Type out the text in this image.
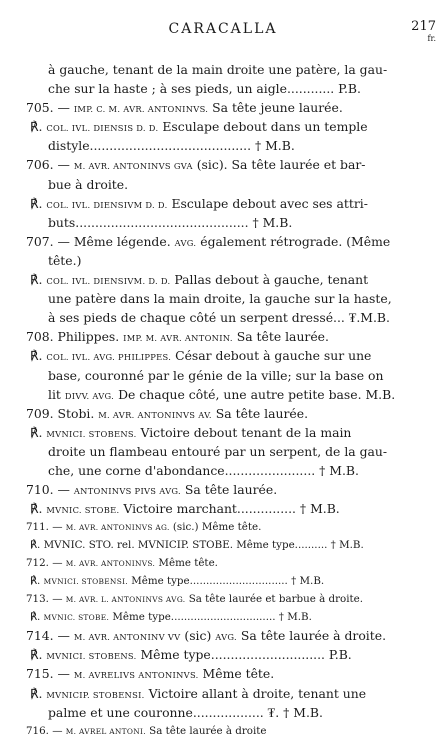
CARACALLA	217
fr.
à gauche, tenant de la main droite une patère, la gau-
che sur la haste ; à ses pieds, un aigle............ P.B.
705. — IMP. C. M. AVR. ANTONINVS. Sa tête jeune laurée.
℟. COL. IVL. DIENSIS D. D. Esculape debout dans un temple
distyle......................................... † M.B.
706. — M. AVR. ANTONINVS GVA (sic). Sa tête laurée et bar-
bue à droite.
℟. COL. IVL. DIENSIVM D. D. Esculape debout avec ses attri-
buts............................................ † M.B.
707. — Même légende. AVG. également rétrograde. (Même
tête.)
℟. COL. IVL. DIENSIVM. D. D. Pallas debout à gauche, tenant
une patère dans la main droite, la gauche sur la haste,
à ses pieds de chaque côté un serpent dressé... ₮.M.B.
708. Philippes. IMP. M. AVR. ANTONIN. Sa tête laurée.
℟. COL. IVL. AVG. PHILIPPES. César debout à gauche sur une
base, couronné par le génie de la ville; sur la base on
lit DIVV. AVG. De chaque côté, une autre petite base. M.B.
709. Stobi. M. AVR. ANTONINVS AV. Sa tête laurée.
℟. MVNICI. STOBENS. Victoire debout tenant de la main
droite un flambeau entouré par un serpent, de la gau-
che, une corne d'abondance....................... † M.B.
710. — ANTONINVS PIVS AVG. Sa tête laurée.
℟. MVNIC. STOBE. Victoire marchant............... † M.B.
711. — M. AVR. ANTONINVS AG. (sic.) Même tête.
℟. MVNIC. STO. rel. MVNICIP. STOBE. Même type.......... † M.B.
712. — M. AVR. ANTONINVS. Même tête.
℟. MVNICI. STOBENSI. Même type.............................. † M.B.
713. — M. AVR. L. ANTONINVS AVG. Sa tête laurée et barbue à droite.
℟. MVNIC. STOBE. Même type................................ † M.B.
714. — M. AVR. ANTONINV VV (sic) AVG. Sa tête laurée à droite.
℟. MVNICI. STOBENS. Même type............................. P.B.
715. — M. AVRELIVS ANTONINVS. Même tête.
℟. MVNICIP. STOBENSI. Victoire allant à droite, tenant une
palme et une couronne.................. ₮. † M.B.
716. — M. AVREL ANTONI. Sa tête laurée à droite
